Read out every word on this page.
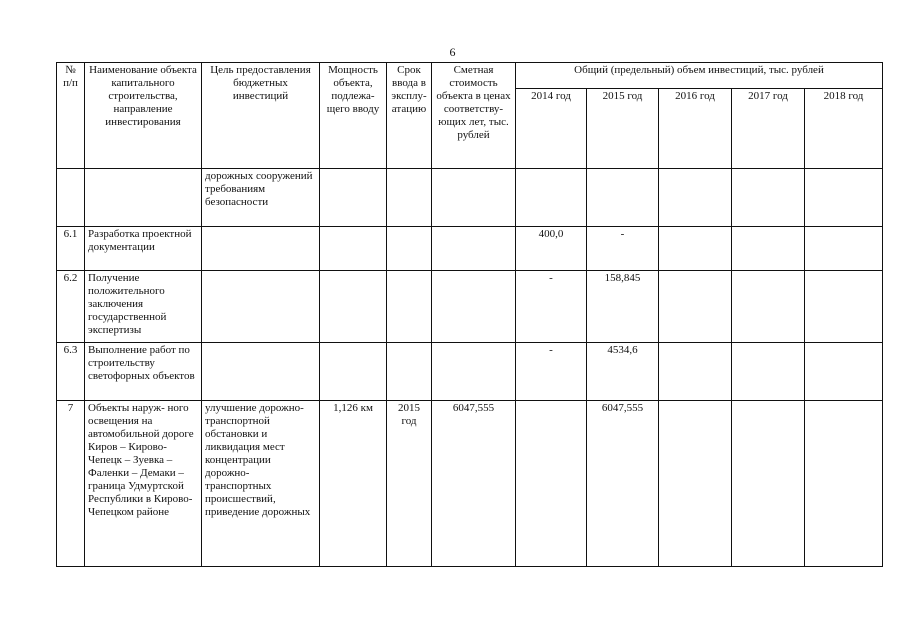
6
№ п/п	Наименование объекта капитального строительства, направление инвестирования	Цель предоставления бюджетных инвестиций	Мощность объекта, подлежа- щего вводу	Срок ввода в эксплу- атацию	Сметная стоимость объекта в ценах соответству- ющих лет, тыс. рублей	Общий (предельный) объем инвестиций, тыс. рублей				
						2014 год	2015 год	2016 год	2017 год	2018 год
		дорожных сооружений требованиям безопасности								
6.1	Разработка проектной документации					400,0	-			
6.2	Получение положительного заключения государственной экспертизы					-	158,845			
6.3	Выполнение работ по строительству светофорных объектов					-	4534,6			
7	Объекты наруж- ного освещения на автомобильной дороге Киров – Кирово-Чепецк – Зуевка – Фаленки – Демаки – граница Удмуртской Республики в Кирово-Чепецком районе	улучшение дорожно- транспортной обстановки и ликвидация мест концентрации дорожно- транспортных происшествий, приведение дорожных	1,126 км	2015 год	6047,555		6047,555			
